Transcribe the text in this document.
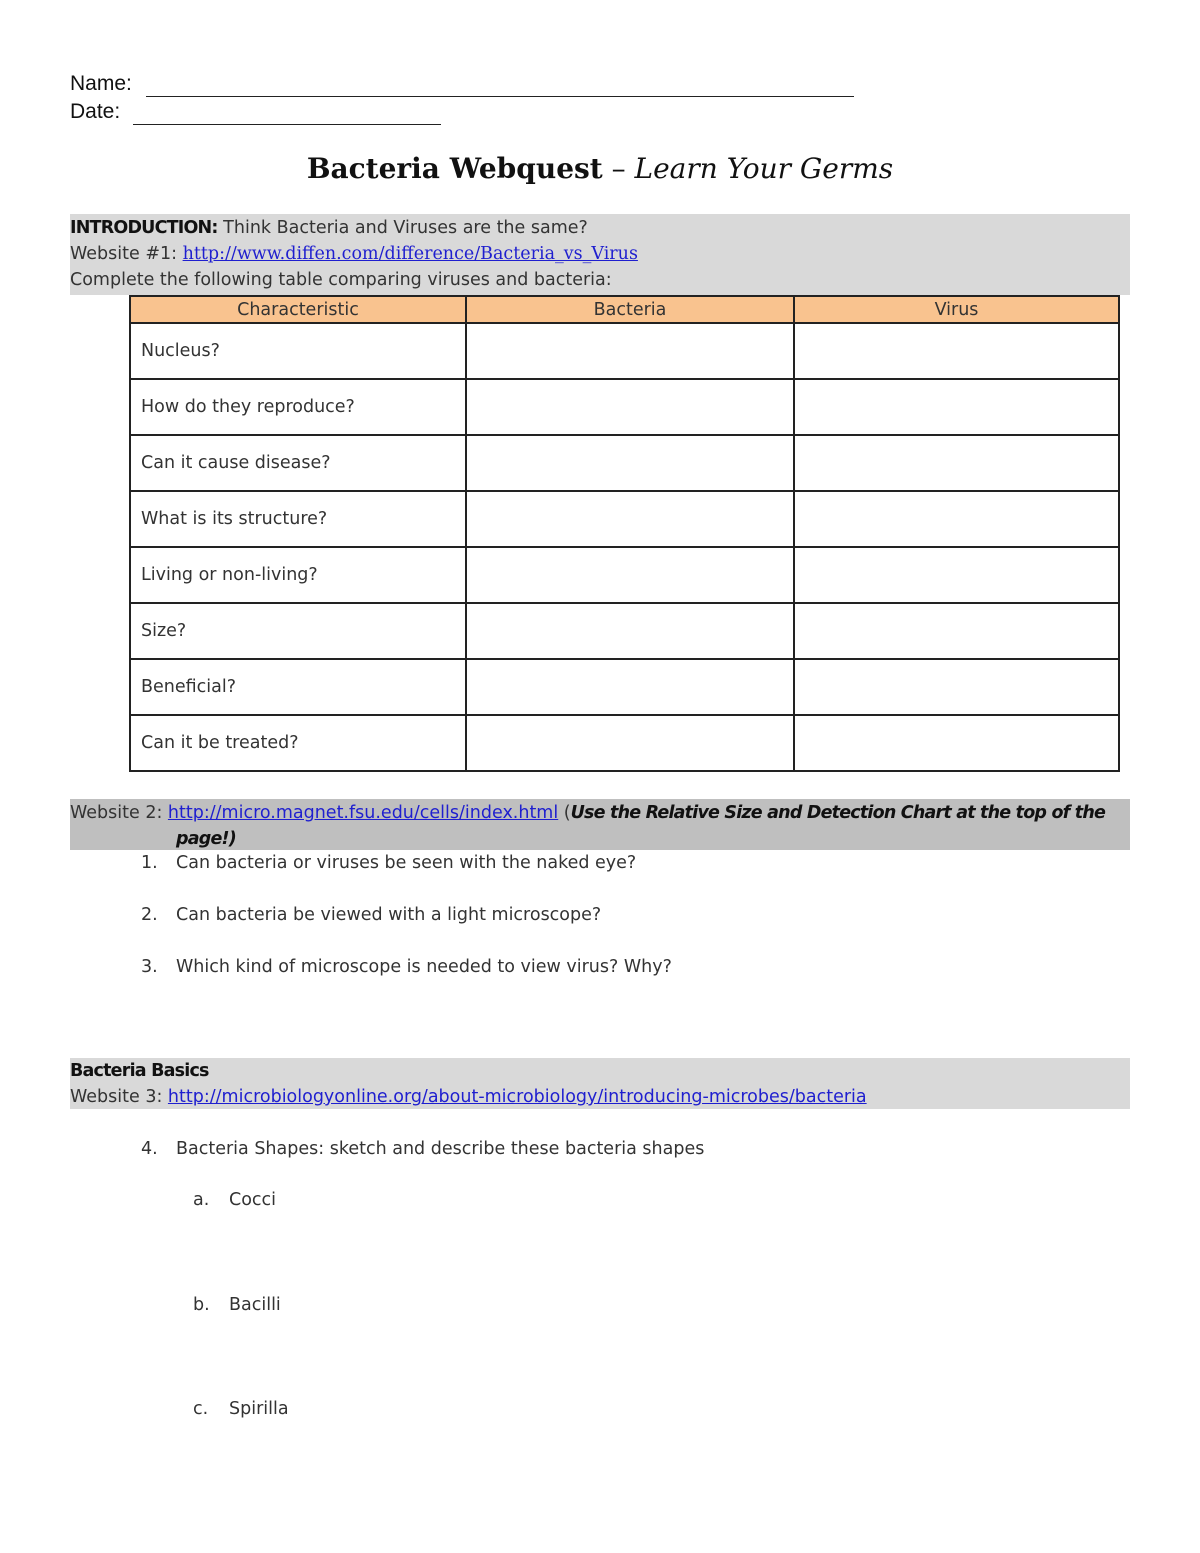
Name:
Date:
Bacteria Webquest – Learn Your Germs
INTRODUCTION: Think Bacteria and Viruses are the same?
Website #1: http://www.diffen.com/difference/Bacteria_vs_Virus
Complete the following table comparing viruses and bacteria:
Characteristic	Bacteria	Virus
Nucleus?		
How do they reproduce?		
Can it cause disease?		
What is its structure?		
Living or non-living?		
Size?		
Beneficial?		
Can it be treated?		
Website 2: http://micro.magnet.fsu.edu/cells/index.html (Use the Relative Size and Detection Chart at the top of the
page!)
1. Can bacteria or viruses be seen with the naked eye?
2. Can bacteria be viewed with a light microscope?
3. Which kind of microscope is needed to view virus? Why?
Bacteria Basics
Website 3: http://microbiologyonline.org/about-microbiology/introducing-microbes/bacteria
4. Bacteria Shapes: sketch and describe these bacteria shapes
a. Cocci
b. Bacilli
c. Spirilla
